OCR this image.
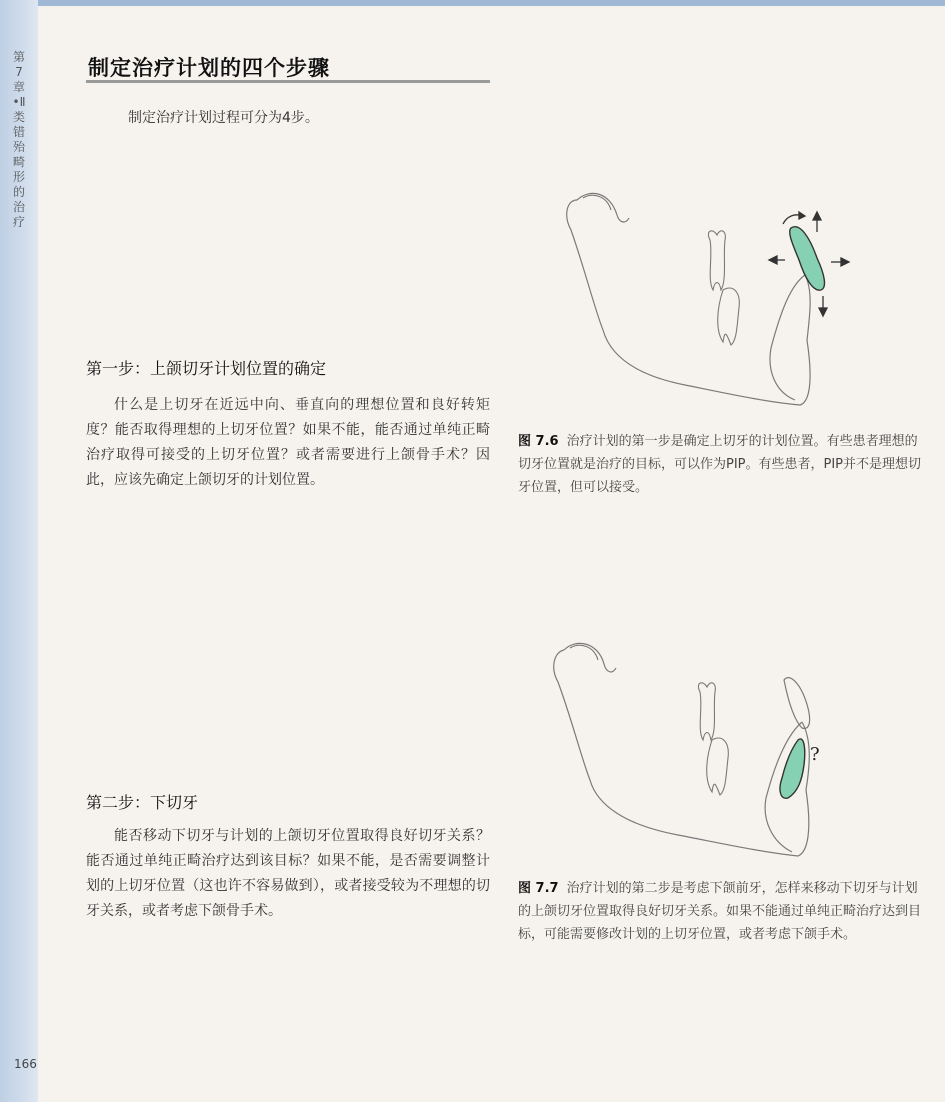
第7章•Ⅱ类错殆畸形的治疗
166
制定治疗计划的四个步骤
制定治疗计划过程可分为4步。
第一步：上颌切牙计划位置的确定

什么是上切牙在近远中向、垂直向的理想位置和良好转矩度？能否取得理想的上切牙位置？如果不能，能否通过单纯正畸治疗取得可接受的上切牙位置？或者需要进行上颌骨手术？因此，应该先确定上颌切牙的计划位置。

第二步：下切牙

能否移动下切牙与计划的上颌切牙位置取得良好切牙关系？能否通过单纯正畸治疗达到该目标？如果不能，是否需要调整计划的上切牙位置（这也许不容易做到），或者接受较为不理想的切牙关系，或者考虑下颌骨手术。

图 7.6 治疗计划的第一步是确定上切牙的计划位置。有些患者理想的切牙位置就是治疗的目标，可以作为PIP。有些患者，PIP并不是理想切牙位置，但可以接受。

?

图 7.7 治疗计划的第二步是考虑下颌前牙，怎样来移动下切牙与计划的上颌切牙位置取得良好切牙关系。如果不能通过单纯正畸治疗达到目标，可能需要修改计划的上切牙位置，或者考虑下颌手术。
